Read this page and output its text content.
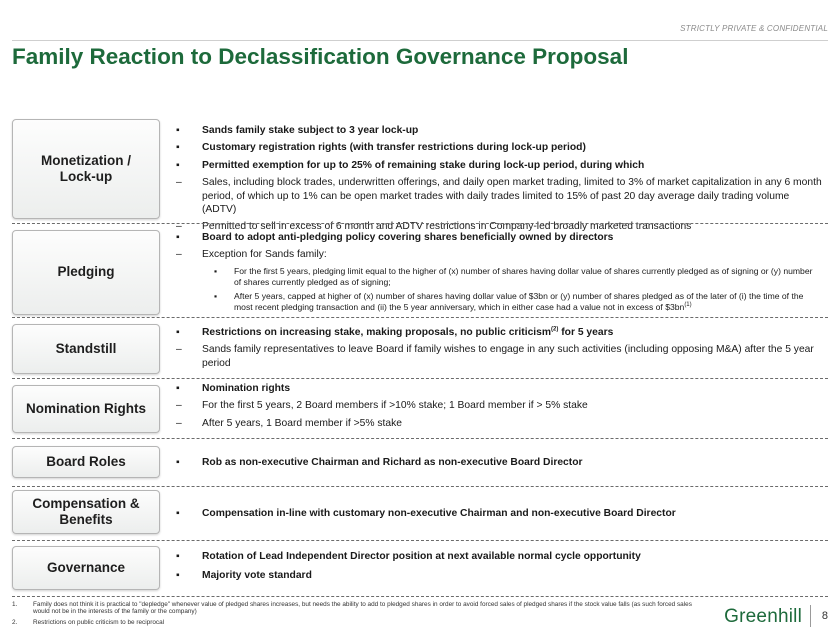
STRICTLY PRIVATE & CONFIDENTIAL
Family Reaction to Declassification Governance Proposal
Monetization /
Lock-up
▪	Sands family stake subject to 3 year lock-up
▪	Customary registration rights (with transfer restrictions during lock-up period)
▪	Permitted exemption for up to 25% of remaining stake during lock-up period, during which
–	Sales, including block trades, underwritten offerings, and daily open market trading, limited to 3% of market capitalization in any 6 month period, of which up to 1% can be open market trades with daily trades limited to 15% of past 20 day average daily trading volume (ADTV)
–	Permitted to sell in excess of 6 month and ADTV restrictions in Company-led broadly marketed transactions
Pledging
▪	Board to adopt anti-pledging policy covering shares beneficially owned by directors
–	Exception for Sands family:
▪	For the first 5 years, pledging limit equal to the higher of (x) number of shares having dollar value of shares currently pledged as of signing or (y) number of shares currently pledged as of signing;
▪	After 5 years, capped at higher of (x) number of shares having dollar value of $3bn or (y) number of shares pledged as of the later of (i) the time of the most recent pledging transaction and (ii) the 5 year anniversary, which in either case had a value not in excess of $\$3bn^{(1)}$
Standstill
▪	Restrictions on increasing stake, making proposals, no public criticism$^{(2)}$ for 5 years
–	Sands family representatives to leave Board if family wishes to engage in any such activities (including opposing M&A) after the 5 year period
Nomination Rights
▪	Nomination rights
–	For the first 5 years, 2 Board members if >10% stake; 1 Board member if > 5% stake
–	After 5 years, 1 Board member if >5% stake
Board Roles	▪	Rob as non-executive Chairman and Richard as non-executive Board Director
Compensation &
Benefits	▪	Compensation in-line with customary non-executive Chairman and non-executive Board Director
Governance
▪	Rotation of Lead Independent Director position at next available normal cycle opportunity
▪	Majority vote standard
1. Family does not think it is practical to "depledge" whenever value of pledged shares increases, but needs the ability to add to pledged shares in order to avoid forced sales of pledged shares if the stock value falls (as such forced sales would not be in the interests of the family or the company)
2. Restrictions on public criticism to be reciprocal	Greenhill 8
